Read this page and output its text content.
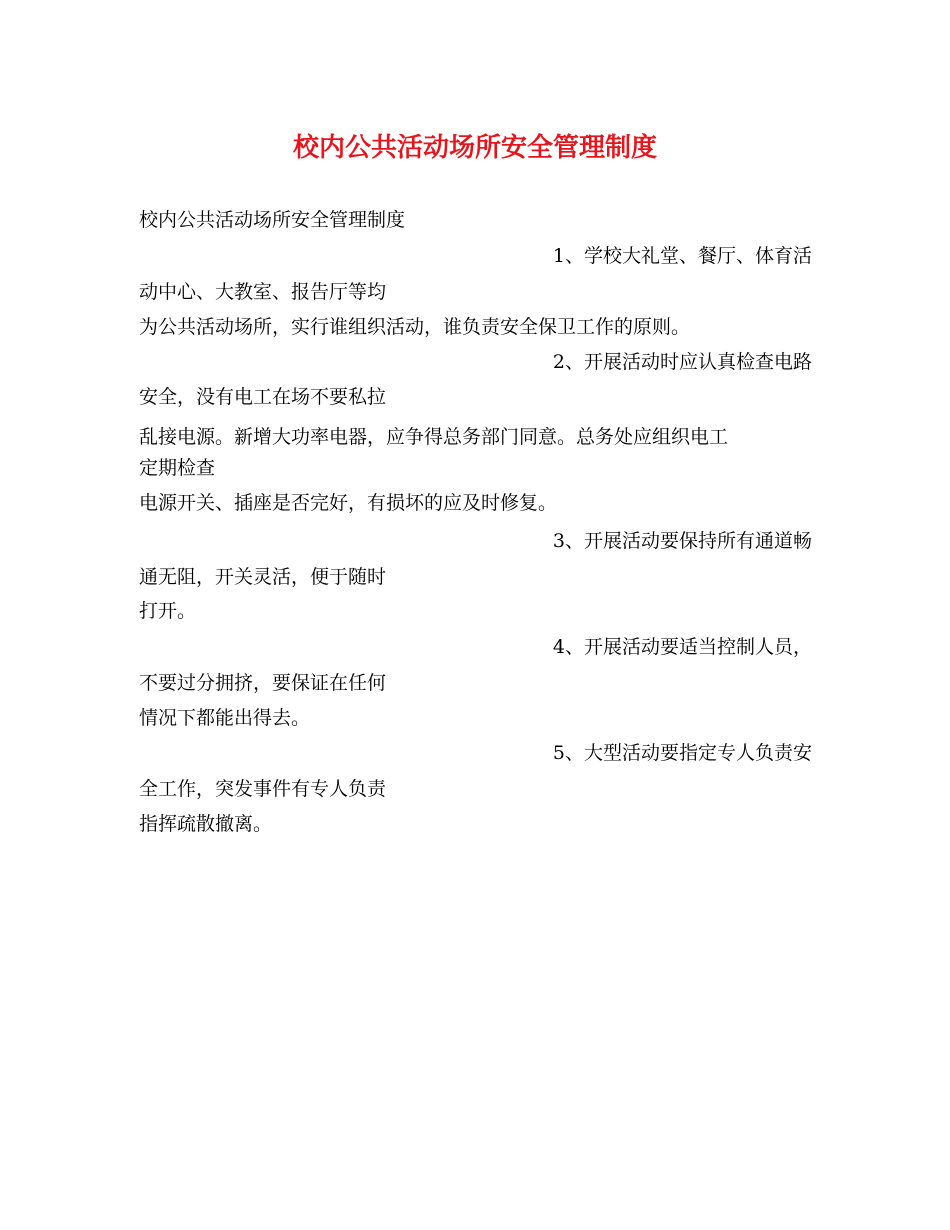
校内公共活动场所安全管理制度
校内公共活动场所安全管理制度
1、学校大礼堂、餐厅、体育活
动中心、大教室、报告厅等均
为公共活动场所，实行谁组织活动，谁负责安全保卫工作的原则。
2、开展活动时应认真检查电路
安全，没有电工在场不要私拉
乱接电源。新增大功率电器，应争得总务部门同意。总务处应组织电工
定期检查
电源开关、插座是否完好，有损坏的应及时修复。
3、开展活动要保持所有通道畅
通无阻，开关灵活，便于随时
打开。
4、开展活动要适当控制人员，
不要过分拥挤，要保证在任何
情况下都能出得去。
5、大型活动要指定专人负责安
全工作，突发事件有专人负责
指挥疏散撤离。
